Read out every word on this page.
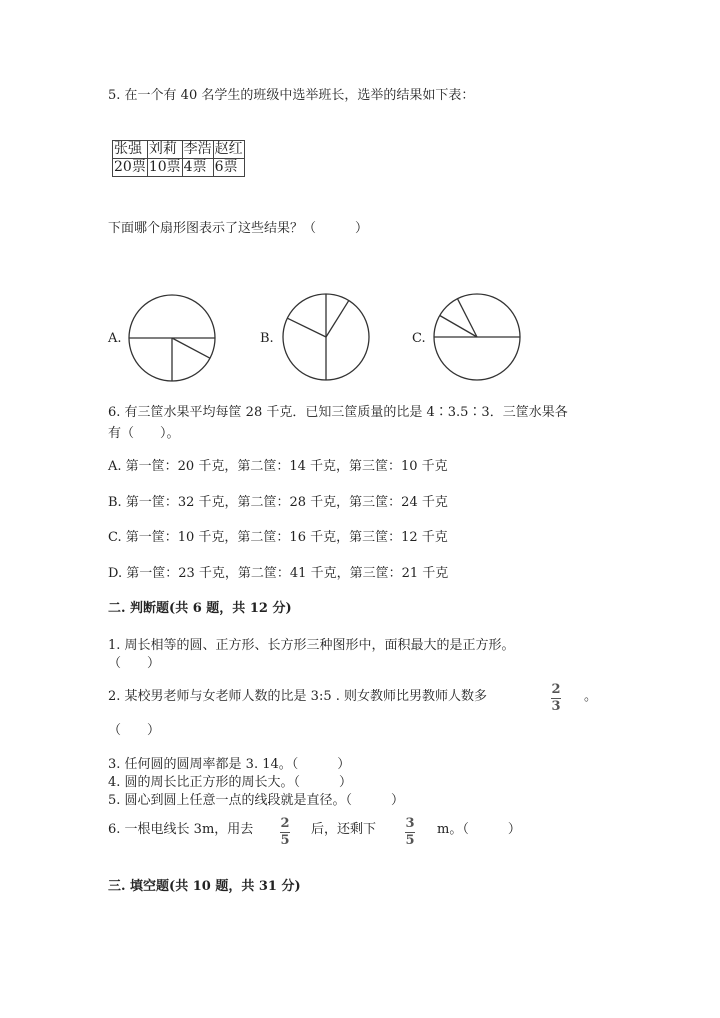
5. 在一个有 40 名学生的班级中选举班长，选举的结果如下表：
张强	刘莉	李浩	赵红
20票	10票	4票	6票
下面哪个扇形图表示了这些结果？（　　　）
A.	B.	C.
6. 有三筐水果平均每筐 28 千克．已知三筐质量的比是 4∶3.5∶3．三筐水果各
有（　　）。
A. 第一筐：20 千克，第二筐：14 千克，第三筐：10 千克
B. 第一筐：32 千克，第二筐：28 千克，第三筐：24 千克
C. 第一筐：10 千克，第二筐：16 千克，第三筐：12 千克
D. 第一筐：23 千克，第二筐：41 千克，第三筐：21 千克
二. 判断题(共 6 题，共 12 分)
1. 周长相等的圆、正方形、长方形三种图形中，面积最大的是正方形。
（　　）
2. 某校男老师与女老师人数的比是 3:5 . 则女教师比男教师人数多	2
3
。
（　　）
3. 任何圆的圆周率都是 3. 14。（　　　）
4. 圆的周长比正方形的周长大。（　　　）
5. 圆心到圆上任意一点的线段就是直径。（　　　）
6. 一根电线长 3m，用去 2
5
后，还剩下 3
5
m。（　　　）
三. 填空题(共 10 题，共 31 分)
